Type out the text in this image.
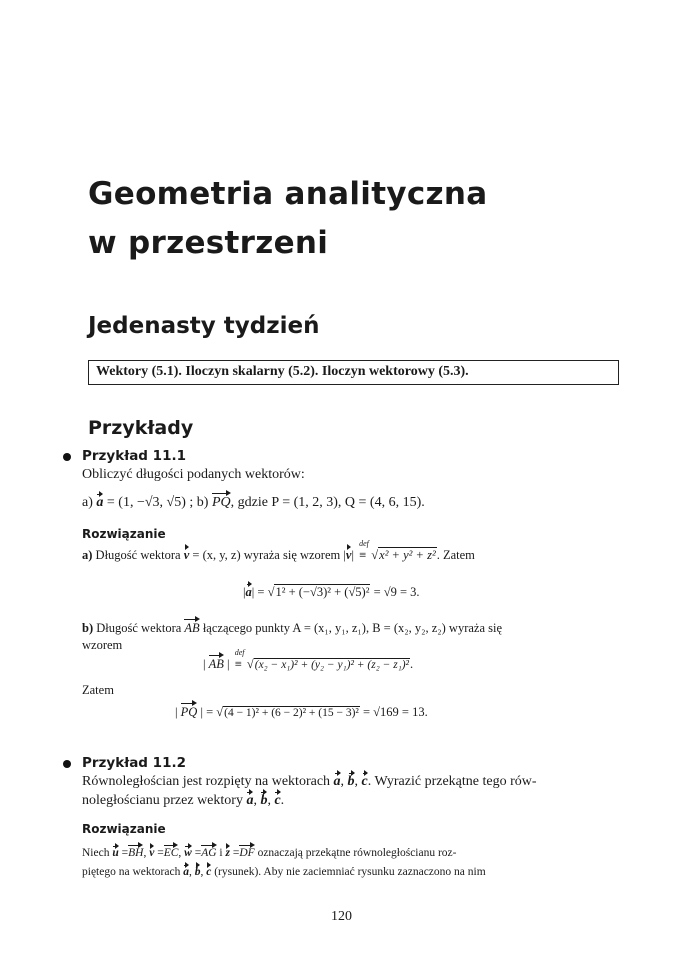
Geometria analityczna
w przestrzeni
Jedenasty tydzień
Wektory (5.1). Iloczyn skalarny (5.2). Iloczyn wektorowy (5.3).
Przykłady
Przykład 11.1
Obliczyć długości podanych wektorów:
a) a = (1, −√3, √5) ; b) PQ, gdzie P = (1, 2, 3), Q = (4, 6, 15).
Rozwiązanie
a) Długość wektora v = (x, y, z) wyraża się wzorem |v|
def
≡ √x² + y² + z². Zatem
|a| = √1² + (−√3)² + (√5)² = √9 = 3.
b) Długość wektora AB łączącego punkty A = (x₁, y₁, z₁), B = (x₂, y₂, z₂) wyraża się
wzorem
| AB |
def
≡ √(x₂ − x₁)² + (y₂ − y₁)² + (z₂ − z₁)².
Zatem
| PQ | = √(4 − 1)² + (6 − 2)² + (15 − 3)² = √169 = 13.
Przykład 11.2
Równoległościan jest rozpięty na wektorach a, b, c. Wyrazić przekątne tego rów-
noległościanu przez wektory a, b, c.
Rozwiązanie
Niech u =BH, v =EC, w =AG i z =DF oznaczają przekątne równoległościanu roz-
piętego na wektorach a, b, c (rysunek). Aby nie zaciemniać rysunku zaznaczono na nim
120
